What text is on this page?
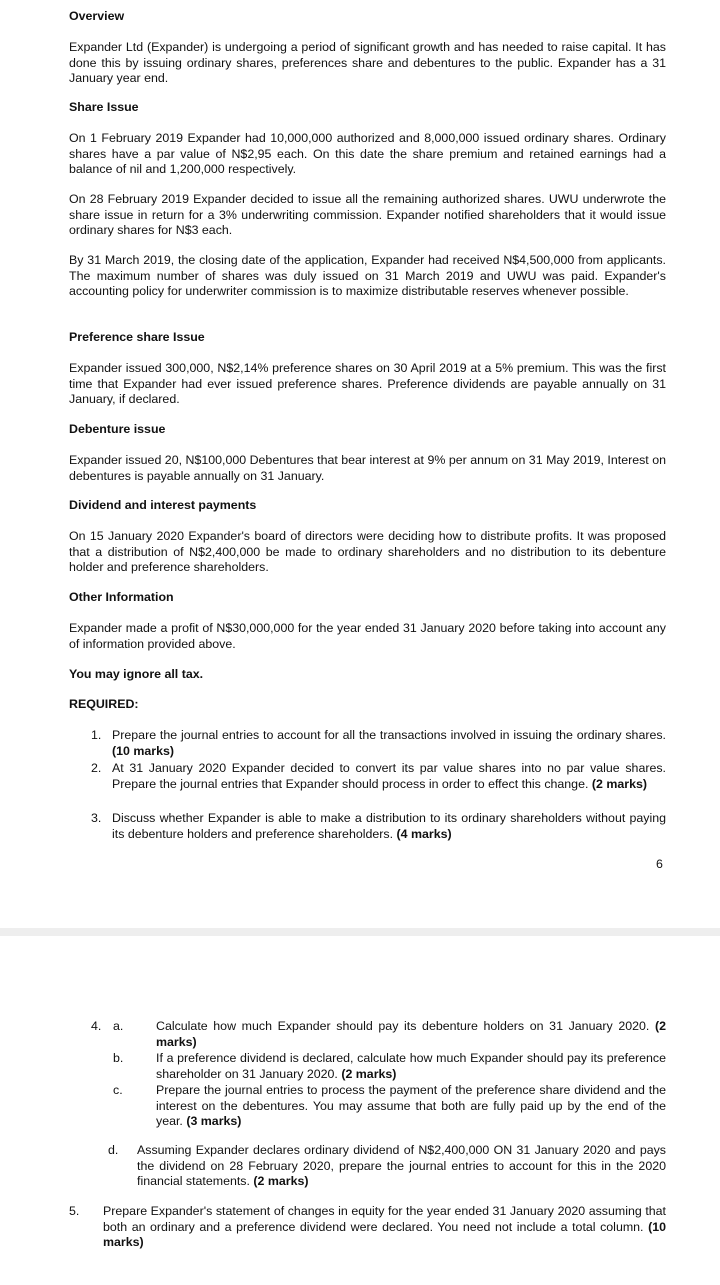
Overview

Expander Ltd (Expander) is undergoing a period of significant growth and has needed to raise capital. It has done this by issuing ordinary shares, preferences share and debentures to the public. Expander has a 31 January year end.

Share Issue

On 1 February 2019 Expander had 10,000,000 authorized and 8,000,000 issued ordinary shares. Ordinary shares have a par value of N$2,95 each. On this date the share premium and retained earnings had a balance of nil and 1,200,000 respectively.

On 28 February 2019 Expander decided to issue all the remaining authorized shares. UWU underwrote the share issue in return for a 3% underwriting commission. Expander notified shareholders that it would issue ordinary shares for N$3 each.

By 31 March 2019, the closing date of the application, Expander had received N$4,500,000 from applicants. The maximum number of shares was duly issued on 31 March 2019 and UWU was paid. Expander's accounting policy for underwriter commission is to maximize distributable reserves whenever possible.

Preference share Issue

Expander issued 300,000, N$2,14% preference shares on 30 April 2019 at a 5% premium. This was the first time that Expander had ever issued preference shares. Preference dividends are payable annually on 31 January, if declared.

Debenture issue

Expander issued 20, N$100,000 Debentures that bear interest at 9% per annum on 31 May 2019, Interest on debentures is payable annually on 31 January.

Dividend and interest payments

On 15 January 2020 Expander's board of directors were deciding how to distribute profits. It was proposed that a distribution of N$2,400,000 be made to ordinary shareholders and no distribution to its debenture holder and preference shareholders.

Other Information

Expander made a profit of N$30,000,000 for the year ended 31 January 2020 before taking into account any of information provided above.

You may ignore all tax.
REQUIRED:
1. Prepare the journal entries to account for all the transactions involved in issuing the ordinary shares. (10 marks)

2. At 31 January 2020 Expander decided to convert its par value shares into no par value shares. Prepare the journal entries that Expander should process in order to effect this change. (2 marks)

3. Discuss whether Expander is able to make a distribution to its ordinary shareholders without paying its debenture holders and preference shareholders. (4 marks)

6
4. a.	Calculate how much Expander should pay its debenture holders on 31 January 2020. (2 marks)

b.	If a preference dividend is declared, calculate how much Expander should pay its preference shareholder on 31 January 2020. (2 marks)

c.	Prepare the journal entries to process the payment of the preference share dividend and the interest on the debentures. You may assume that both are fully paid up by the end of the year. (3 marks)

d.	Assuming Expander declares ordinary dividend of N$2,400,000 ON 31 January 2020 and pays the dividend on 28 February 2020, prepare the journal entries to account for this in the 2020 financial statements. (2 marks)

5.	Prepare Expander's statement of changes in equity for the year ended 31 January 2020 assuming that both an ordinary and a preference dividend were declared. You need not include a total column. (10 marks)
